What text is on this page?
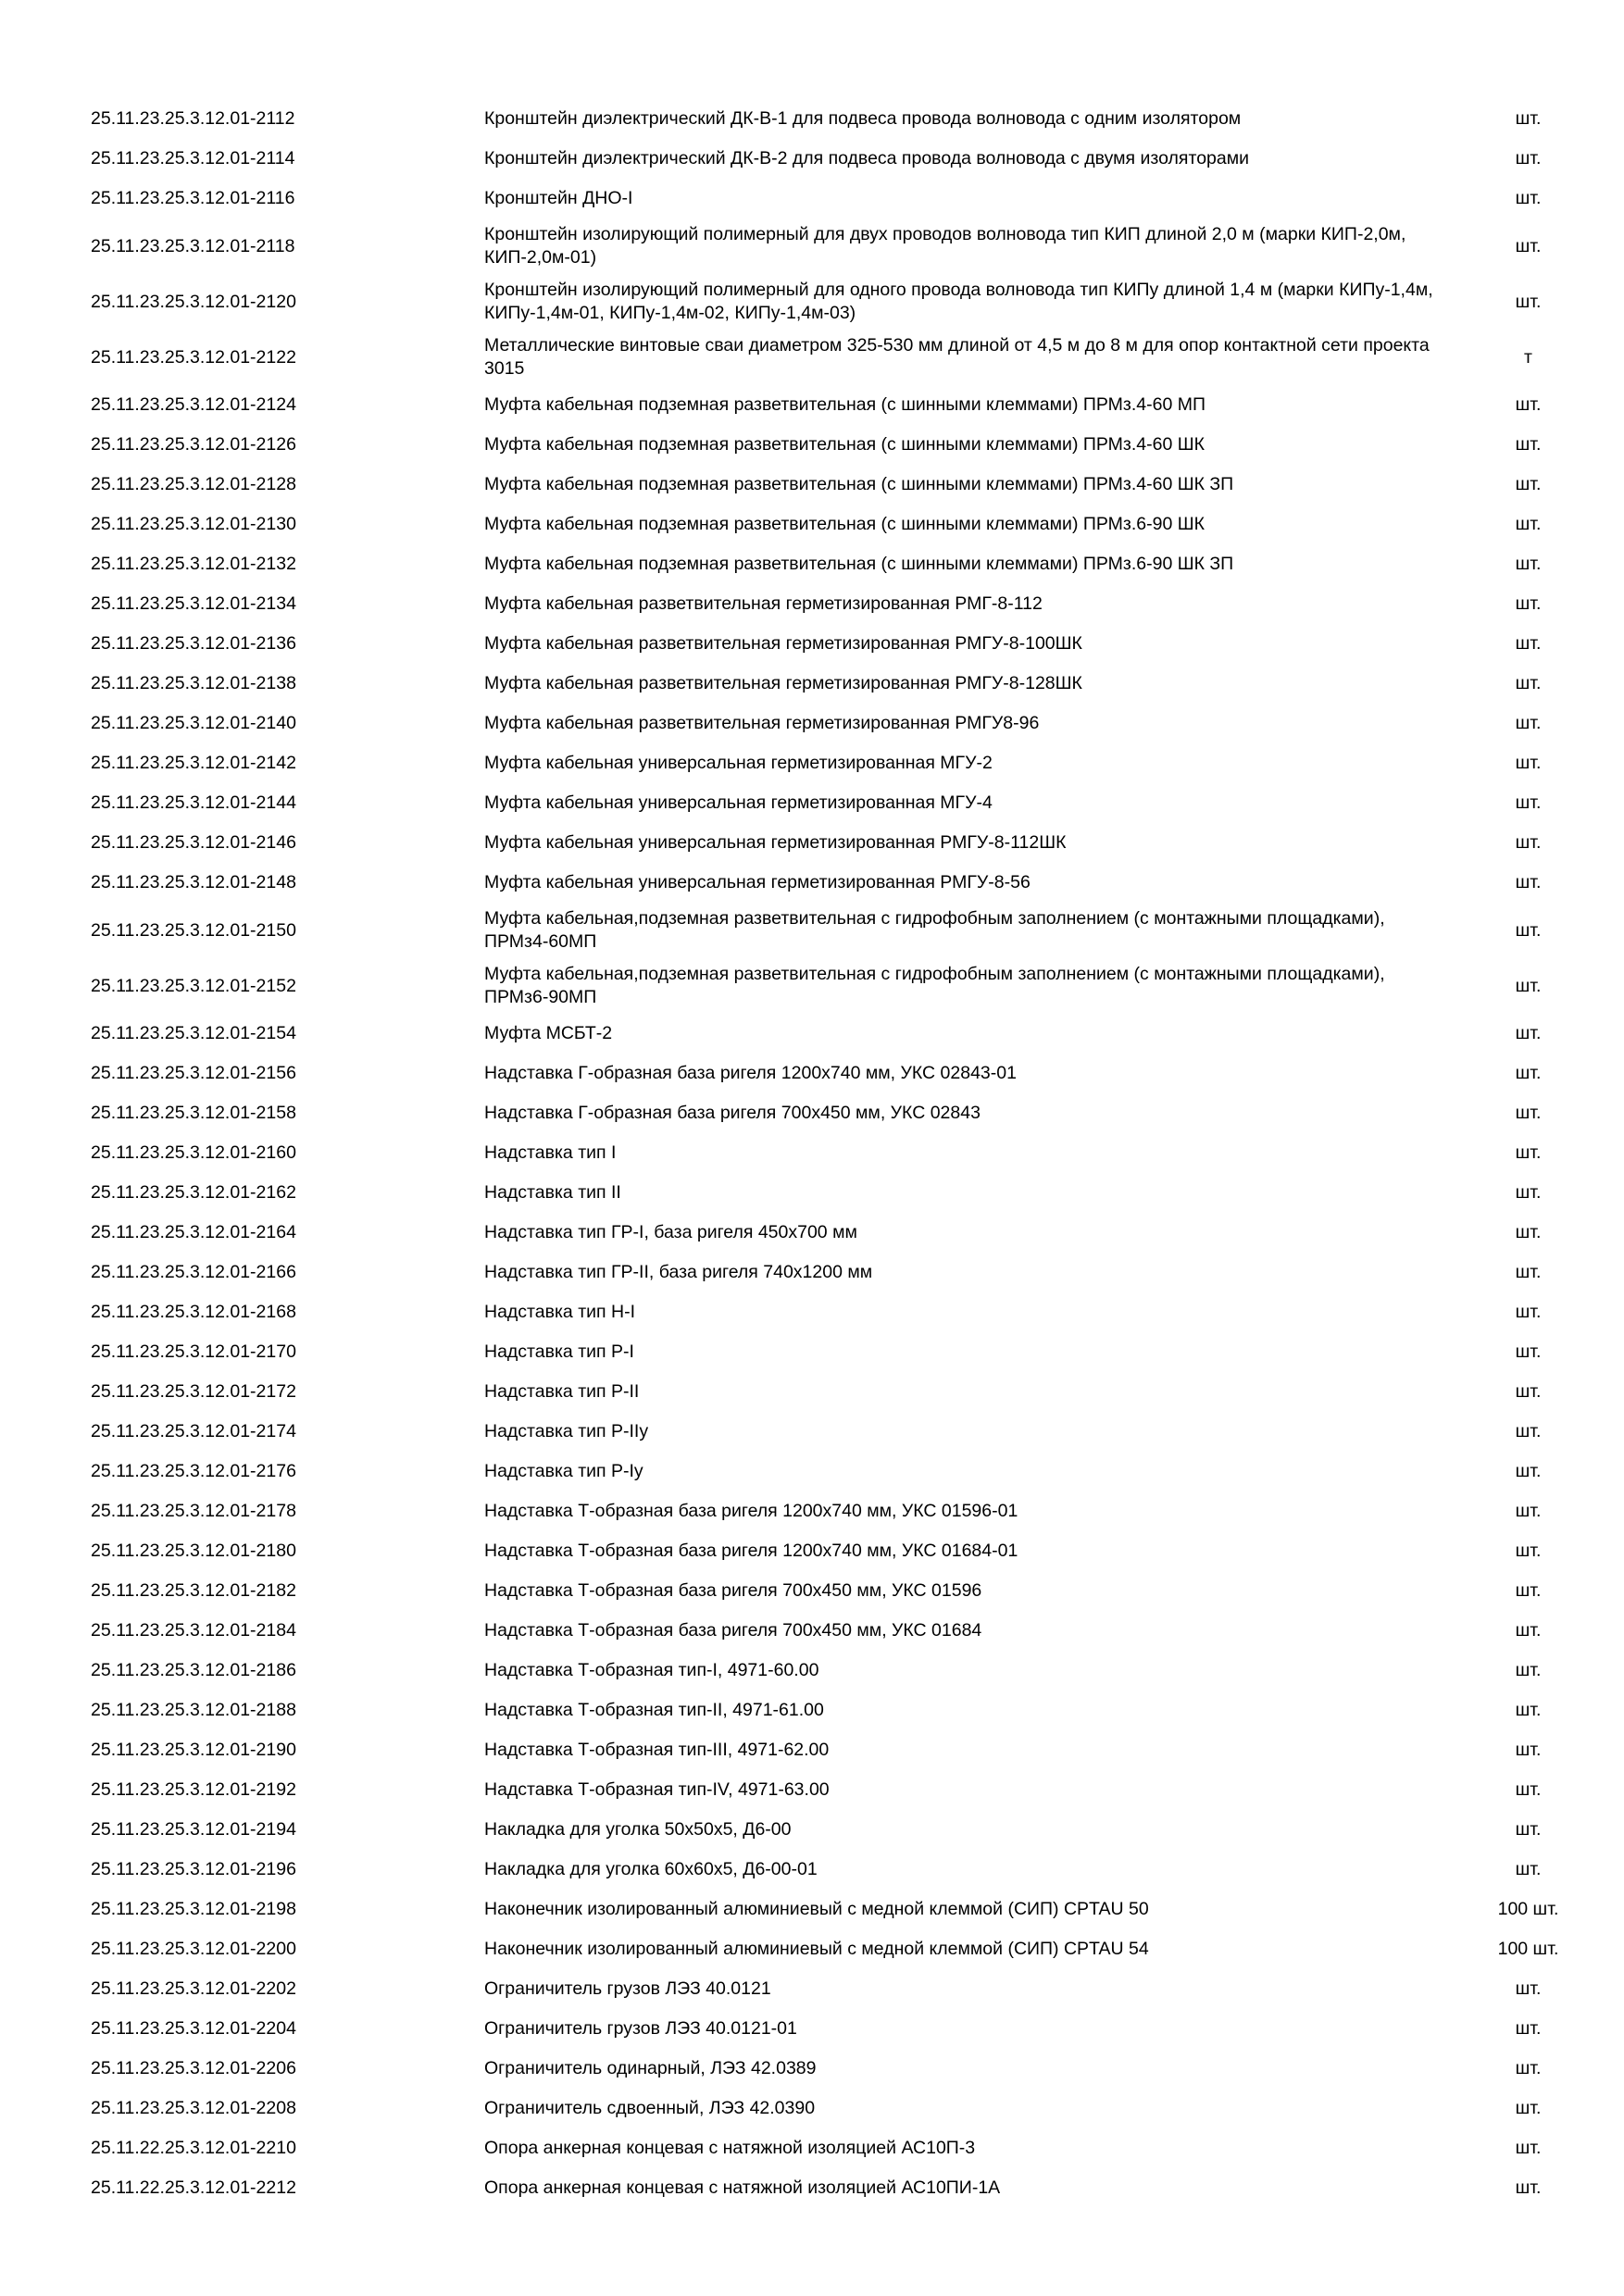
25.11.23.25.3.12.01-2112	Кронштейн диэлектрический ДК-В-1 для подвеса провода волновода с одним изолятором	шт.
25.11.23.25.3.12.01-2114	Кронштейн диэлектрический ДК-В-2 для подвеса провода волновода с двумя изоляторами	шт.
25.11.23.25.3.12.01-2116	Кронштейн ДНО-I	шт.
25.11.23.25.3.12.01-2118	Кронштейн изолирующий полимерный для двух проводов волновода тип КИП длиной 2,0 м (марки КИП-2,0м, КИП-2,0м-01)	шт.
25.11.23.25.3.12.01-2120	Кронштейн изолирующий полимерный для одного провода волновода тип КИПу длиной 1,4 м (марки КИПу-1,4м, КИПу-1,4м-01, КИПу-1,4м-02, КИПу-1,4м-03)	шт.
25.11.23.25.3.12.01-2122	Металлические винтовые сваи диаметром 325-530 мм длиной от 4,5 м до 8 м для опор контактной сети проекта 3015	т
25.11.23.25.3.12.01-2124	Муфта кабельная подземная разветвительная (с шинными клеммами) ПРМз.4-60 МП	шт.
25.11.23.25.3.12.01-2126	Муфта кабельная подземная разветвительная (с шинными клеммами) ПРМз.4-60 ШК	шт.
25.11.23.25.3.12.01-2128	Муфта кабельная подземная разветвительная (с шинными клеммами) ПРМз.4-60 ШК ЗП	шт.
25.11.23.25.3.12.01-2130	Муфта кабельная подземная разветвительная (с шинными клеммами) ПРМз.6-90 ШК	шт.
25.11.23.25.3.12.01-2132	Муфта кабельная подземная разветвительная (с шинными клеммами) ПРМз.6-90 ШК ЗП	шт.
25.11.23.25.3.12.01-2134	Муфта кабельная разветвительная герметизированная РМГ-8-112	шт.
25.11.23.25.3.12.01-2136	Муфта кабельная разветвительная герметизированная РМГУ-8-100ШК	шт.
25.11.23.25.3.12.01-2138	Муфта кабельная разветвительная герметизированная РМГУ-8-128ШК	шт.
25.11.23.25.3.12.01-2140	Муфта кабельная разветвительная герметизированная РМГУ8-96	шт.
25.11.23.25.3.12.01-2142	Муфта кабельная универсальная герметизированная МГУ-2	шт.
25.11.23.25.3.12.01-2144	Муфта кабельная универсальная герметизированная МГУ-4	шт.
25.11.23.25.3.12.01-2146	Муфта кабельная универсальная герметизированная РМГУ-8-112ШК	шт.
25.11.23.25.3.12.01-2148	Муфта кабельная универсальная герметизированная РМГУ-8-56	шт.
25.11.23.25.3.12.01-2150	Муфта кабельная,подземная разветвительная с гидрофобным заполнением (с монтажными площадками), ПРМз4-60МП	шт.
25.11.23.25.3.12.01-2152	Муфта кабельная,подземная разветвительная с гидрофобным заполнением (с монтажными площадками), ПРМз6-90МП	шт.
25.11.23.25.3.12.01-2154	Муфта МСБТ-2	шт.
25.11.23.25.3.12.01-2156	Надставка Г-образная база ригеля 1200х740 мм, УКС 02843-01	шт.
25.11.23.25.3.12.01-2158	Надставка Г-образная база ригеля 700х450 мм, УКС 02843	шт.
25.11.23.25.3.12.01-2160	Надставка тип I	шт.
25.11.23.25.3.12.01-2162	Надставка тип II	шт.
25.11.23.25.3.12.01-2164	Надставка тип ГР-I, база ригеля 450х700 мм	шт.
25.11.23.25.3.12.01-2166	Надставка тип ГР-II, база ригеля 740х1200 мм	шт.
25.11.23.25.3.12.01-2168	Надставка тип Н-I	шт.
25.11.23.25.3.12.01-2170	Надставка тип Р-I	шт.
25.11.23.25.3.12.01-2172	Надставка тип Р-II	шт.
25.11.23.25.3.12.01-2174	Надставка тип Р-IIу	шт.
25.11.23.25.3.12.01-2176	Надставка тип Р-Iу	шт.
25.11.23.25.3.12.01-2178	Надставка Т-образная база ригеля 1200х740 мм, УКС 01596-01	шт.
25.11.23.25.3.12.01-2180	Надставка Т-образная база ригеля 1200х740 мм, УКС 01684-01	шт.
25.11.23.25.3.12.01-2182	Надставка Т-образная база ригеля 700х450 мм, УКС 01596	шт.
25.11.23.25.3.12.01-2184	Надставка Т-образная база ригеля 700х450 мм, УКС 01684	шт.
25.11.23.25.3.12.01-2186	Надставка Т-образная тип-I, 4971-60.00	шт.
25.11.23.25.3.12.01-2188	Надставка Т-образная тип-II, 4971-61.00	шт.
25.11.23.25.3.12.01-2190	Надставка Т-образная тип-III, 4971-62.00	шт.
25.11.23.25.3.12.01-2192	Надставка Т-образная тип-IV, 4971-63.00	шт.
25.11.23.25.3.12.01-2194	Накладка для уголка 50х50х5, Д6-00	шт.
25.11.23.25.3.12.01-2196	Накладка для уголка 60х60х5, Д6-00-01	шт.
25.11.23.25.3.12.01-2198	Наконечник изолированный алюминиевый с медной клеммой (СИП) CPTAU 50	100 шт.
25.11.23.25.3.12.01-2200	Наконечник изолированный алюминиевый с медной клеммой (СИП) CPTAU 54	100 шт.
25.11.23.25.3.12.01-2202	Ограничитель грузов ЛЭЗ 40.0121	шт.
25.11.23.25.3.12.01-2204	Ограничитель грузов ЛЭЗ 40.0121-01	шт.
25.11.23.25.3.12.01-2206	Ограничитель одинарный, ЛЭЗ 42.0389	шт.
25.11.23.25.3.12.01-2208	Ограничитель сдвоенный, ЛЭЗ 42.0390	шт.
25.11.22.25.3.12.01-2210	Опора анкерная концевая с натяжной изоляцией АС10П-3	шт.
25.11.22.25.3.12.01-2212	Опора анкерная концевая с натяжной изоляцией АС10ПИ-1А	шт.
